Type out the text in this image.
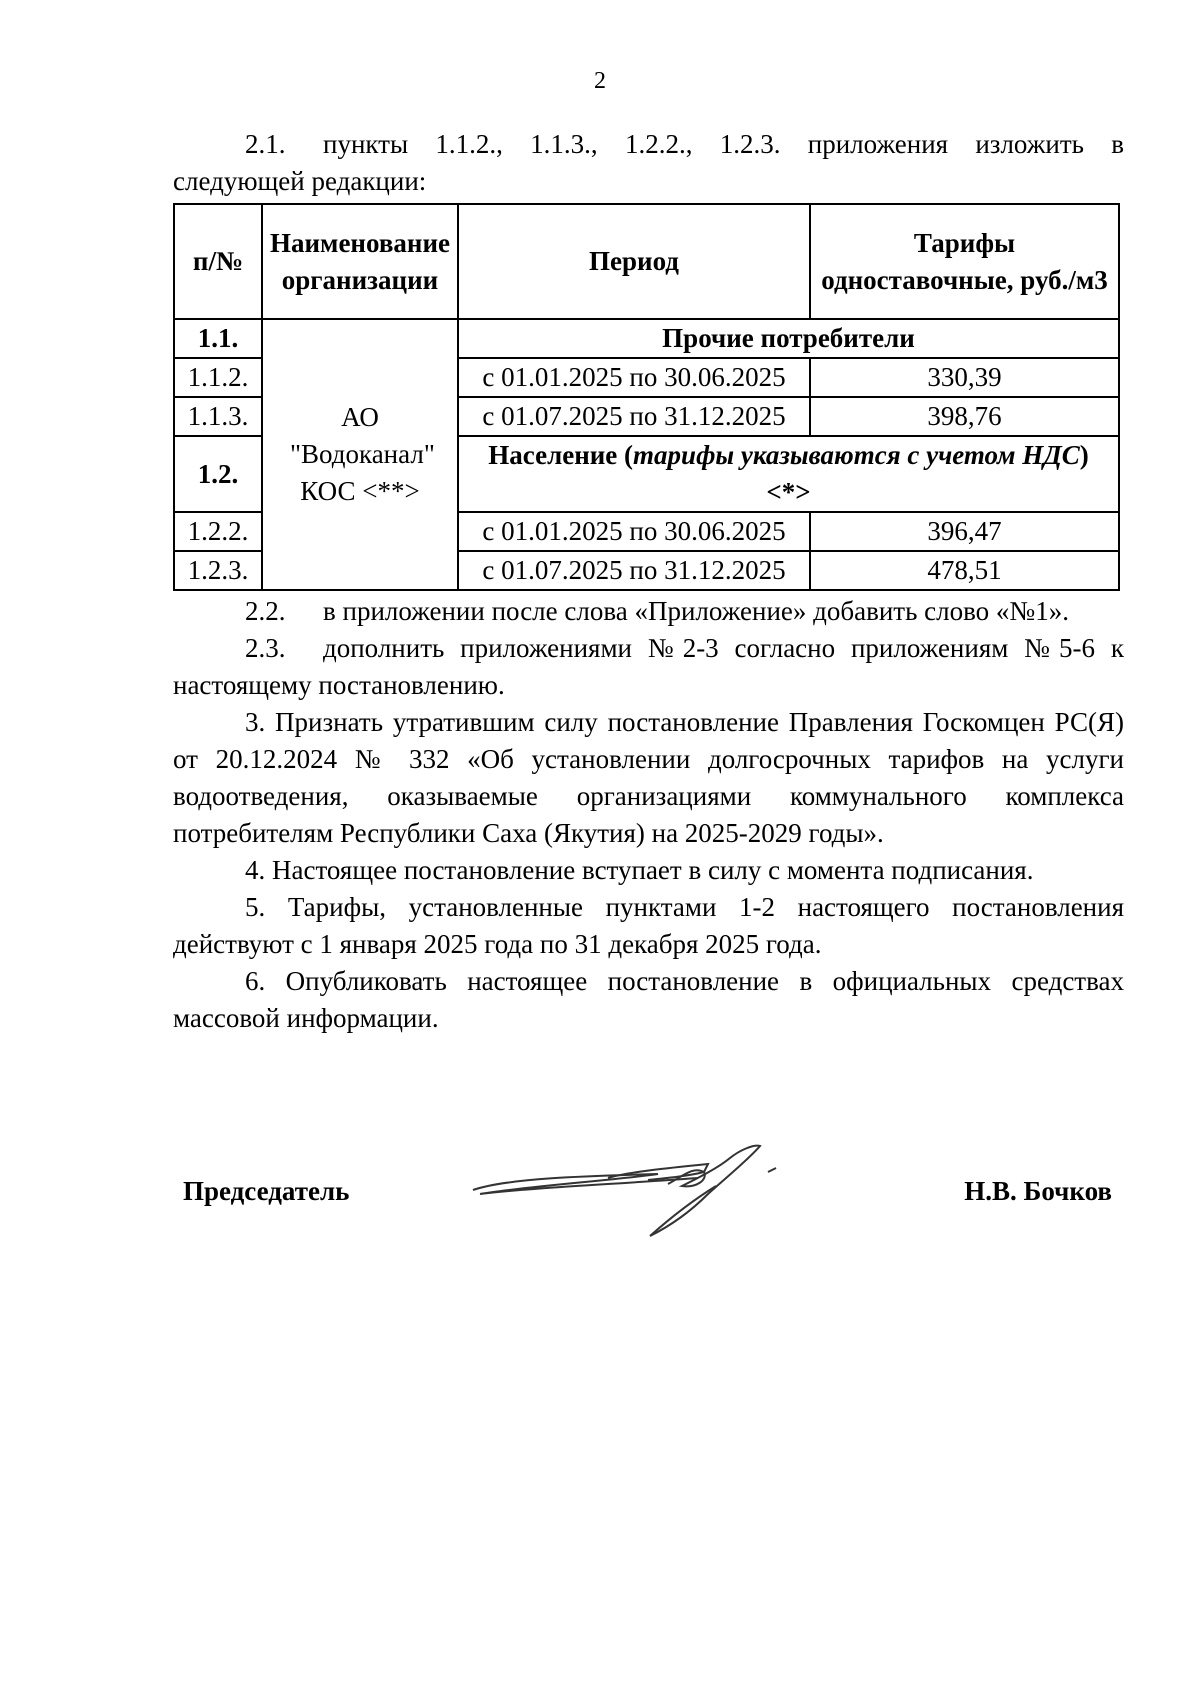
2

2.1. пункты 1.1.2., 1.1.3., 1.2.2., 1.2.3. приложения изложить в

следующей редакции:

п/№	Наименование организации	Период	Тарифы одноставочные, руб./м3
1.1.	АО "Водоканал" КОС <**>	Прочие потребители	
1.1.2.		с 01.01.2025 по 30.06.2025	330,39
1.1.3.		с 01.07.2025 по 31.12.2025	398,76
1.2.		Население (тарифы указываются с учетом НДС) <*>	
1.2.2.		с 01.01.2025 по 30.06.2025	396,47
1.2.3.		с 01.07.2025 по 31.12.2025	478,51

2.2. в приложении после слова «Приложение» добавить слово «№1».

2.3. дополнить приложениями №2-3 согласно приложениям №5-6 к настоящему постановлению.

3. Признать утратившим силу постановление Правления Госкомцен РС(Я) от 20.12.2024 № 332 «Об установлении долгосрочных тарифов на услуги водоотведения, оказываемые организациями коммунального комплекса потребителям Республики Саха (Якутия) на 2025-2029 годы».

4. Настоящее постановление вступает в силу с момента подписания.

5. Тарифы, установленные пунктами 1-2 настоящего постановления действуют с 1 января 2025 года по 31 декабря 2025 года.

6. Опубликовать настоящее постановление в официальных средствах массовой информации.

Председатель	Н.В. Бочков
